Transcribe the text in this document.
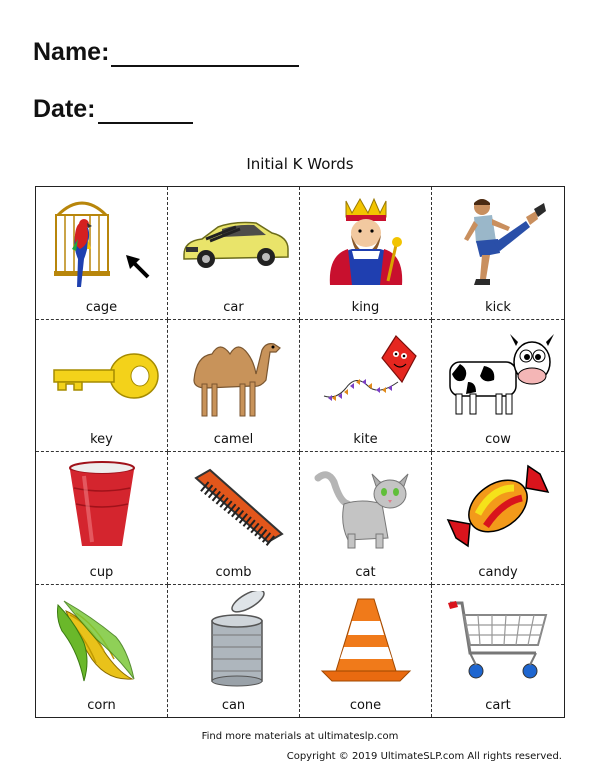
Name:
Date:
Initial K Words
cage	car	king	kick
key	camel	kite	cow
cup	comb	cat	candy
corn	can	cone	cart
Find more materials at ultimateslp.com
Copyright © 2019 UltimateSLP.com All rights reserved.
